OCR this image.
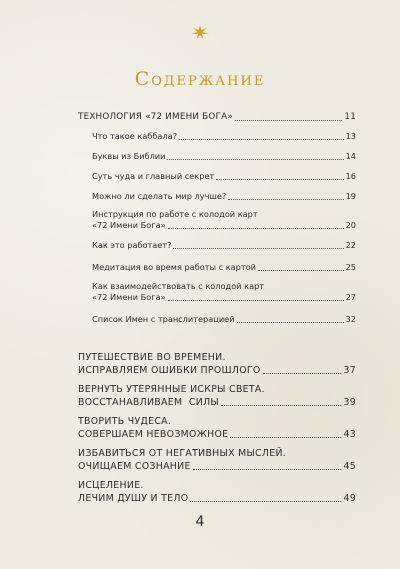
Содержание
ТЕХНОЛОГИЯ «72 ИМЕНИ БОГА»	11
Что такое каббала?	13
Буквы из Библии	14
Суть чуда и главный секрет	16
Можно ли сделать мир лучше?	19
Инструкция по работе с колодой карт
«72 Имени Бога»	20
Как это работает?	22
Медитация во время работы с картой	25
Как взаимодействовать с колодой карт
«72 Имени Бога»	27
Список Имен с транслитерацией	32
ПУТЕШЕСТВИЕ ВО ВРЕМЕНИ.
ИСПРАВЛЯЕМ ОШИБКИ ПРОШЛОГО	37
ВЕРНУТЬ УТЕРЯННЫЕ ИСКРЫ СВЕТА.
ВОССТАНАВЛИВАЕМ  СИЛЫ	39
ТВОРИТЬ ЧУДЕСА.
СОВЕРШАЕМ НЕВОЗМОЖНОЕ	43
ИЗБАВИТЬСЯ ОТ НЕГАТИВНЫХ МЫСЛЕЙ.
ОЧИЩАЕМ СОЗНАНИЕ	45
ИСЦЕЛЕНИЕ.
ЛЕЧИМ ДУШУ И ТЕЛО	49
4
